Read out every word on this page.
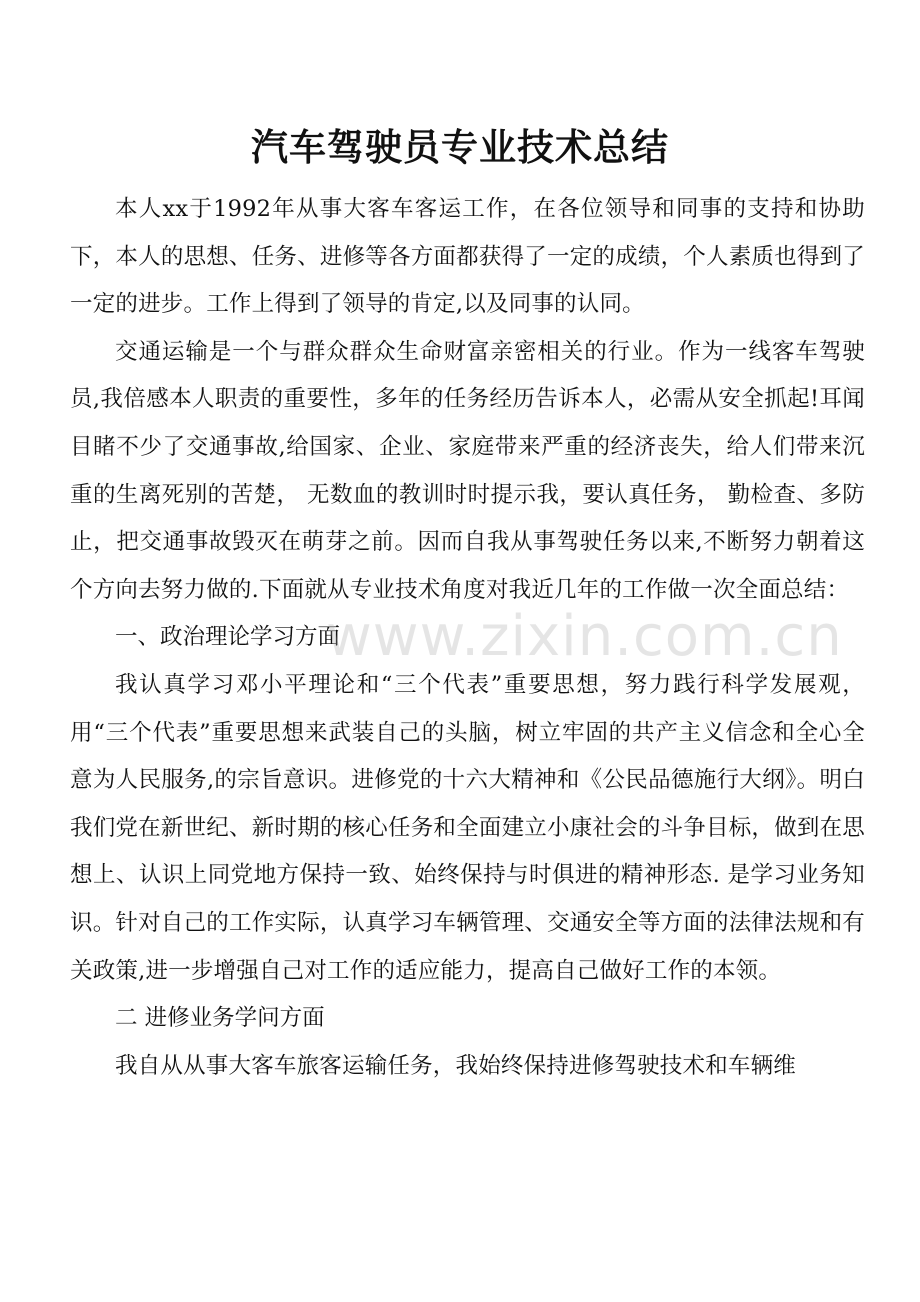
汽车驾驶员专业技术总结

本人xx于1992年从事大客车客运工作，在各位领导和同事的支持和协助下，本人的思想、任务、进修等各方面都获得了一定的成绩，个人素质也得到了一定的进步。工作上得到了领导的肯定,以及同事的认同。

交通运输是一个与群众群众生命财富亲密相关的行业。作为一线客车驾驶员,我倍感本人职责的重要性，多年的任务经历告诉本人，必需从安全抓起!耳闻目睹不少了交通事故,给国家、企业、家庭带来严重的经济丧失，给人们带来沉重的生离死别的苦楚， 无数血的教训时时提示我，要认真任务， 勤检查、多防止，把交通事故毁灭在萌芽之前。因而自我从事驾驶任务以来,不断努力朝着这个方向去努力做的.下面就从专业技术角度对我近几年的工作做一次全面总结：

一、政治理论学习方面

我认真学习邓小平理论和“三个代表”重要思想，努力践行科学发展观，用“三个代表”重要思想来武装自己的头脑，树立牢固的共产主义信念和全心全意为人民服务,的宗旨意识。进修党的十六大精神和《公民品德施行大纲》。明白我们党在新世纪、新时期的核心任务和全面建立小康社会的斗争目标，做到在思想上、认识上同党地方保持一致、始终保持与时俱进的精神形态. 是学习业务知识。针对自己的工作实际，认真学习车辆管理、交通安全等方面的法律法规和有关政策,进一步增强自己对工作的适应能力，提高自己做好工作的本领。

二 进修业务学问方面

我自从从事大客车旅客运输任务，我始终保持进修驾驶技术和车辆维

www.zixin.com.cn
